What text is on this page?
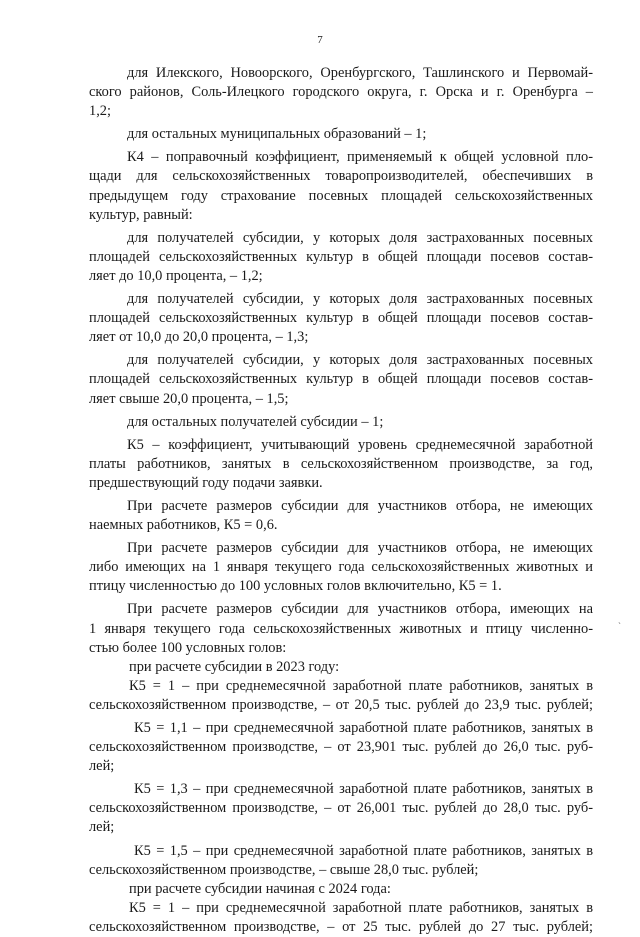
7
для Илекского, Новоорского, Оренбургского, Ташлинского и Первомай-
ского районов, Соль-Илецкого городского округа, г. Орска и г. Оренбурга –
1,2;
для остальных муниципальных образований – 1;
К4 – поправочный коэффициент, применяемый к общей условной пло-
щади для сельскохозяйственных товаропроизводителей, обеспечивших в
предыдущем году страхование посевных площадей сельскохозяйственных
культур, равный:
для получателей субсидии, у которых доля застрахованных посевных
площадей сельскохозяйственных культур в общей площади посевов состав-
ляет до 10,0 процента, – 1,2;
для получателей субсидии, у которых доля застрахованных посевных
площадей сельскохозяйственных культур в общей площади посевов состав-
ляет от 10,0 до 20,0 процента, – 1,3;
для получателей субсидии, у которых доля застрахованных посевных
площадей сельскохозяйственных культур в общей площади посевов состав-
ляет свыше 20,0 процента, – 1,5;
для остальных получателей субсидии – 1;
К5 – коэффициент, учитывающий уровень среднемесячной заработной
платы работников, занятых в сельскохозяйственном производстве, за год,
предшествующий году подачи заявки.
При расчете размеров субсидии для участников отбора, не имеющих
наемных работников, К5 = 0,6.
При расчете размеров субсидии для участников отбора, не имеющих
либо имеющих на 1 января текущего года сельскохозяйственных животных и
птицу численностью до 100 условных голов включительно, К5 = 1.
При расчете размеров субсидии для участников отбора, имеющих на
1 января текущего года сельскохозяйственных животных и птицу численно-
стью более 100 условных голов:
при расчете субсидии в 2023 году:
К5 = 1 – при среднемесячной заработной плате работников, занятых в
сельскохозяйственном производстве, – от 20,5 тыс. рублей до 23,9 тыс. рублей;
К5 = 1,1 – при среднемесячной заработной плате работников, занятых в
сельскохозяйственном производстве, – от 23,901 тыс. рублей до 26,0 тыс. руб-
лей;
К5 = 1,3 – при среднемесячной заработной плате работников, занятых в
сельскохозяйственном производстве, – от 26,001 тыс. рублей до 28,0 тыс. руб-
лей;
К5 = 1,5 – при среднемесячной заработной плате работников, занятых в
сельскохозяйственном производстве, – свыше 28,0 тыс. рублей;
при расчете субсидии начиная с 2024 года:
К5 = 1 – при среднемесячной заработной плате работников, занятых в
сельскохозяйственном производстве, – от 25 тыс. рублей до 27 тыс. рублей;
`
